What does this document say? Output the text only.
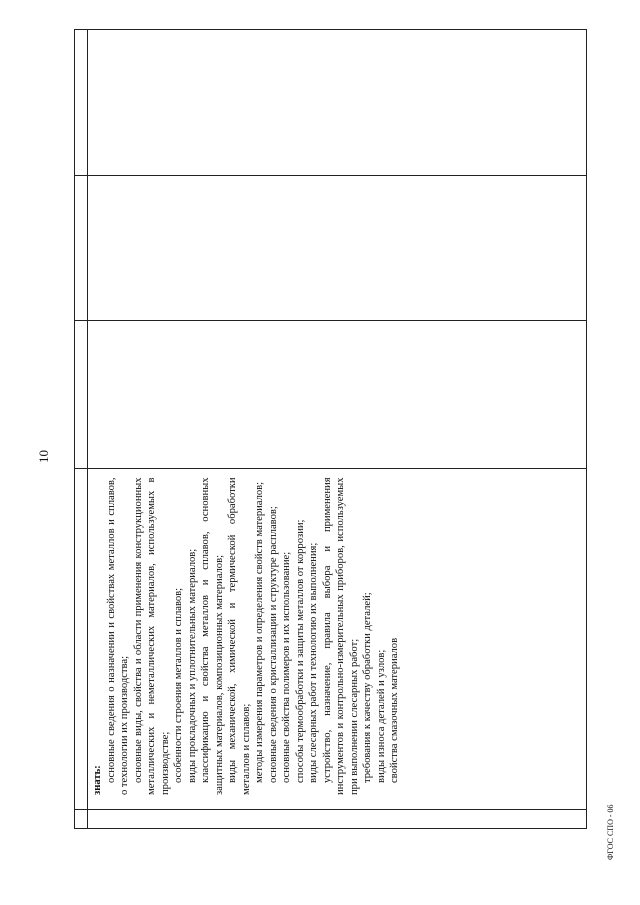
10

знать: основные сведения о назначении и свойствах металлов и сплавов, о технологии их производства; основные виды, свойства и области применения конструкционных металлических и неметаллических материалов, используемых в производстве; особенности строения металлов и сплавов; виды прокладочных и уплотнительных материалов; классификацию и свойства металлов и сплавов, основных защитных материалов, композиционных материалов; виды механической, химической и термической обработки металлов и сплавов; методы измерения параметров и определения свойств материалов; основные сведения о кристаллизации и структуре расплавов; основные свойства полимеров и их использование; способы термообработки и защиты металлов от коррозии; виды слесарных работ и технологию их выполнения; устройство, назначение, правила выбора и применения инструментов и контрольно-измерительных приборов, используемых при выполнении слесарных работ; требования к качеству обработки деталей; виды износа деталей и узлов; свойства смазочных материалов

ФГОС СПО - 06
